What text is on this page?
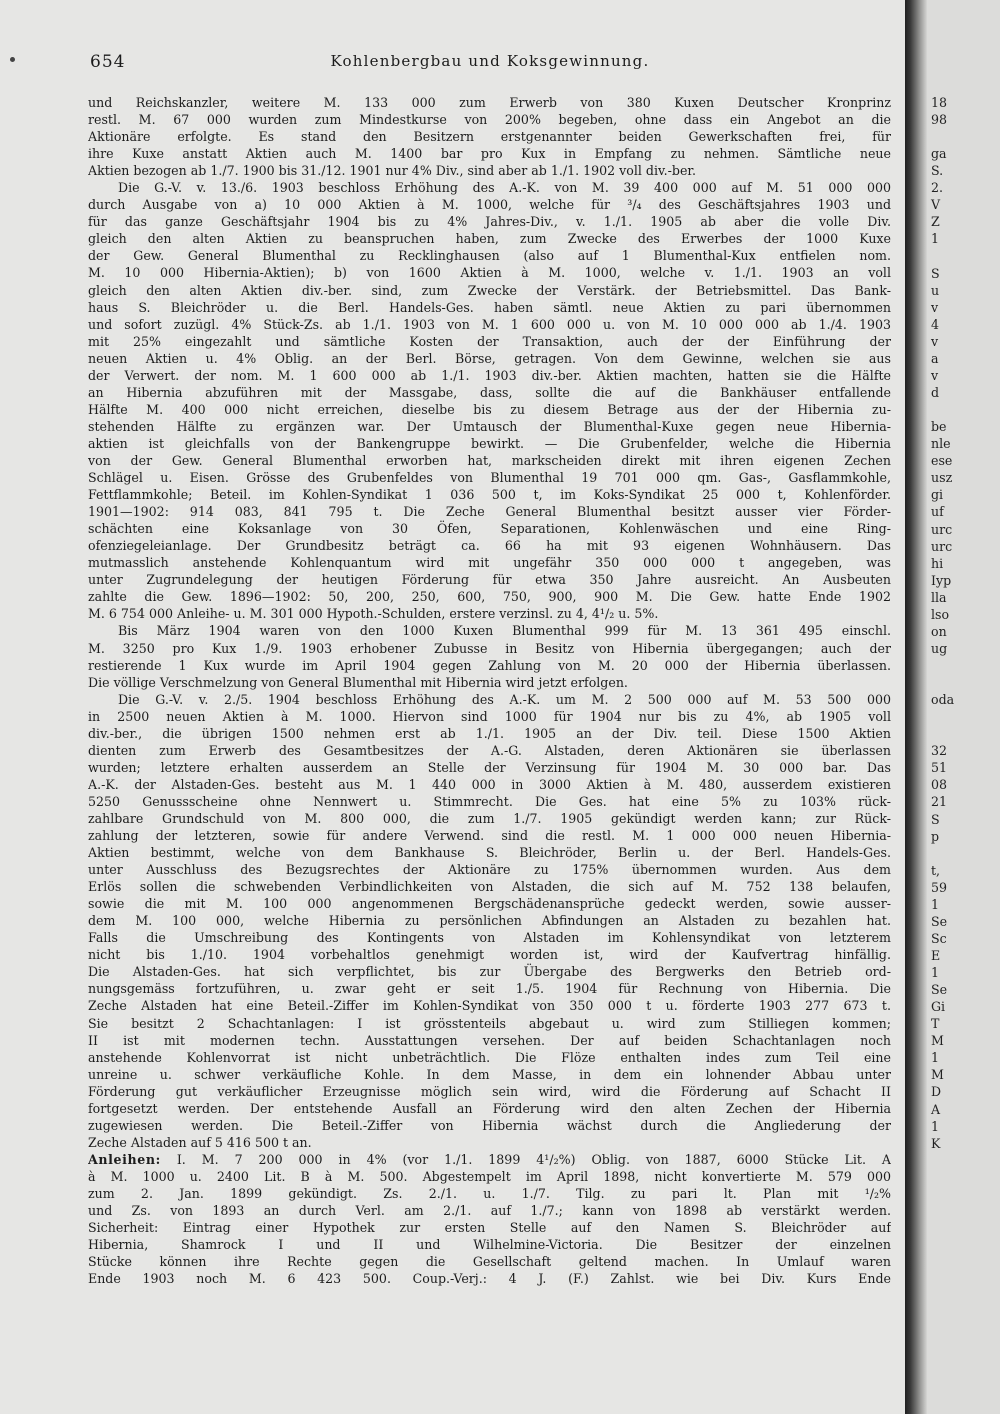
654	Kohlenbergbau und Koksgewinnung.
und Reichskanzler, weitere M. 133 000 zum Erwerb von 380 Kuxen Deutscher Kronprinz
restl. M. 67 000 wurden zum Mindestkurse von 200% begeben, ohne dass ein Angebot an die
Aktionäre erfolgte. Es stand den Besitzern erstgenannter beiden Gewerkschaften frei, für
ihre Kuxe anstatt Aktien auch M. 1400 bar pro Kux in Empfang zu nehmen. Sämtliche neue
Aktien bezogen ab 1./7. 1900 bis 31./12. 1901 nur 4% Div., sind aber ab 1./1. 1902 voll div.-ber.
Die G.-V. v. 13./6. 1903 beschloss Erhöhung des A.-K. von M. 39 400 000 auf M. 51 000 000
durch Ausgabe von a) 10 000 Aktien à M. 1000, welche für ³/₄ des Geschäftsjahres 1903 und
für das ganze Geschäftsjahr 1904 bis zu 4% Jahres-Div., v. 1./1. 1905 ab aber die volle Div.
gleich den alten Aktien zu beanspruchen haben, zum Zwecke des Erwerbes der 1000 Kuxe
der Gew. General Blumenthal zu Recklinghausen (also auf 1 Blumenthal-Kux entfielen nom.
M. 10 000 Hibernia-Aktien); b) von 1600 Aktien à M. 1000, welche v. 1./1. 1903 an voll
gleich den alten Aktien div.-ber. sind, zum Zwecke der Verstärk. der Betriebsmittel. Das Bank-
haus S. Bleichröder u. die Berl. Handels-Ges. haben sämtl. neue Aktien zu pari übernommen
und sofort zuzügl. 4% Stück-Zs. ab 1./1. 1903 von M. 1 600 000 u. von M. 10 000 000 ab 1./4. 1903
mit 25% eingezahlt und sämtliche Kosten der Transaktion, auch der der Einführung der
neuen Aktien u. 4% Oblig. an der Berl. Börse, getragen. Von dem Gewinne, welchen sie aus
der Verwert. der nom. M. 1 600 000 ab 1./1. 1903 div.-ber. Aktien machten, hatten sie die Hälfte
an Hibernia abzuführen mit der Massgabe, dass, sollte die auf die Bankhäuser entfallende
Hälfte M. 400 000 nicht erreichen, dieselbe bis zu diesem Betrage aus der der Hibernia zu-
stehenden Hälfte zu ergänzen war. Der Umtausch der Blumenthal-Kuxe gegen neue Hibernia-
aktien ist gleichfalls von der Bankengruppe bewirkt. — Die Grubenfelder, welche die Hibernia
von der Gew. General Blumenthal erworben hat, markscheiden direkt mit ihren eigenen Zechen
Schlägel u. Eisen. Grösse des Grubenfeldes von Blumenthal 19 701 000 qm. Gas-, Gasflammkohle,
Fettflammkohle; Beteil. im Kohlen-Syndikat 1 036 500 t, im Koks-Syndikat 25 000 t, Kohlenförder.
1901—1902: 914 083, 841 795 t. Die Zeche General Blumenthal besitzt ausser vier Förder-
schächten eine Koksanlage von 30 Öfen, Separationen, Kohlenwäschen und eine Ring-
ofenziegeleianlage. Der Grundbesitz beträgt ca. 66 ha mit 93 eigenen Wohnhäusern. Das
mutmasslich anstehende Kohlenquantum wird mit ungefähr 350 000 000 t angegeben, was
unter Zugrundelegung der heutigen Förderung für etwa 350 Jahre ausreicht. An Ausbeuten
zahlte die Gew. 1896—1902: 50, 200, 250, 600, 750, 900, 900 M. Die Gew. hatte Ende 1902
M. 6 754 000 Anleihe- u. M. 301 000 Hypoth.-Schulden, erstere verzinsl. zu 4, 4¹/₂ u. 5%.
Bis März 1904 waren von den 1000 Kuxen Blumenthal 999 für M. 13 361 495 einschl.
M. 3250 pro Kux 1./9. 1903 erhobener Zubusse in Besitz von Hibernia übergegangen; auch der
restierende 1 Kux wurde im April 1904 gegen Zahlung von M. 20 000 der Hibernia überlassen.
Die völlige Verschmelzung von General Blumenthal mit Hibernia wird jetzt erfolgen.
Die G.-V. v. 2./5. 1904 beschloss Erhöhung des A.-K. um M. 2 500 000 auf M. 53 500 000
in 2500 neuen Aktien à M. 1000. Hiervon sind 1000 für 1904 nur bis zu 4%, ab 1905 voll
div.-ber., die übrigen 1500 nehmen erst ab 1./1. 1905 an der Div. teil. Diese 1500 Aktien
dienten zum Erwerb des Gesamtbesitzes der A.-G. Alstaden, deren Aktionären sie überlassen
wurden; letztere erhalten ausserdem an Stelle der Verzinsung für 1904 M. 30 000 bar. Das
A.-K. der Alstaden-Ges. besteht aus M. 1 440 000 in 3000 Aktien à M. 480, ausserdem existieren
5250 Genussscheine ohne Nennwert u. Stimmrecht. Die Ges. hat eine 5% zu 103% rück-
zahlbare Grundschuld von M. 800 000, die zum 1./7. 1905 gekündigt werden kann; zur Rück-
zahlung der letzteren, sowie für andere Verwend. sind die restl. M. 1 000 000 neuen Hibernia-
Aktien bestimmt, welche von dem Bankhause S. Bleichröder, Berlin u. der Berl. Handels-Ges.
unter Ausschluss des Bezugsrechtes der Aktionäre zu 175% übernommen wurden. Aus dem
Erlös sollen die schwebenden Verbindlichkeiten von Alstaden, die sich auf M. 752 138 belaufen,
sowie die mit M. 100 000 angenommenen Bergschädenansprüche gedeckt werden, sowie ausser-
dem M. 100 000, welche Hibernia zu persönlichen Abfindungen an Alstaden zu bezahlen hat.
Falls die Umschreibung des Kontingents von Alstaden im Kohlensyndikat von letzterem
nicht bis 1./10. 1904 vorbehaltlos genehmigt worden ist, wird der Kaufvertrag hinfällig.
Die Alstaden-Ges. hat sich verpflichtet, bis zur Übergabe des Bergwerks den Betrieb ord-
nungsgemäss fortzuführen, u. zwar geht er seit 1./5. 1904 für Rechnung von Hibernia. Die
Zeche Alstaden hat eine Beteil.-Ziffer im Kohlen-Syndikat von 350 000 t u. förderte 1903 277 673 t.
Sie besitzt 2 Schachtanlagen: I ist grösstenteils abgebaut u. wird zum Stilliegen kommen;
II ist mit modernen techn. Ausstattungen versehen. Der auf beiden Schachtanlagen noch
anstehende Kohlenvorrat ist nicht unbeträchtlich. Die Flöze enthalten indes zum Teil eine
unreine u. schwer verkäufliche Kohle. In dem Masse, in dem ein lohnender Abbau unter
Förderung gut verkäuflicher Erzeugnisse möglich sein wird, wird die Förderung auf Schacht II
fortgesetzt werden. Der entstehende Ausfall an Förderung wird den alten Zechen der Hibernia
zugewiesen werden. Die Beteil.-Ziffer von Hibernia wächst durch die Angliederung der
Zeche Alstaden auf 5 416 500 t an.
Anleihen: I. M. 7 200 000 in 4% (vor 1./1. 1899 4¹/₂%) Oblig. von 1887, 6000 Stücke Lit. A
à M. 1000 u. 2400 Lit. B à M. 500. Abgestempelt im April 1898, nicht konvertierte M. 579 000
zum 2. Jan. 1899 gekündigt. Zs. 2./1. u. 1./7. Tilg. zu pari lt. Plan mit ¹/₂%
und Zs. von 1893 an durch Verl. am 2./1. auf 1./7.; kann von 1898 ab verstärkt werden.
Sicherheit: Eintrag einer Hypothek zur ersten Stelle auf den Namen S. Bleichröder auf
Hibernia, Shamrock I und II und Wilhelmine-Victoria. Die Besitzer der einzelnen
Stücke können ihre Rechte gegen die Gesellschaft geltend machen. In Umlauf waren
Ende 1903 noch M. 6 423 500. Coup.-Verj.: 4 J. (F.) Zahlst. wie bei Div. Kurs Ende
18
98
ga
S.
2.
V
Z
1
S
u
v
4
v
a
v
d
be
nle
ese
usz
gi
uf
urc
urc
hi
Iyp
lla
lso
on
ug
oda
32
51
08
21
S
p
t,
59
1
Se
Sc
E
1
Se
Gi
T
M
1
M
D
A
1
K
